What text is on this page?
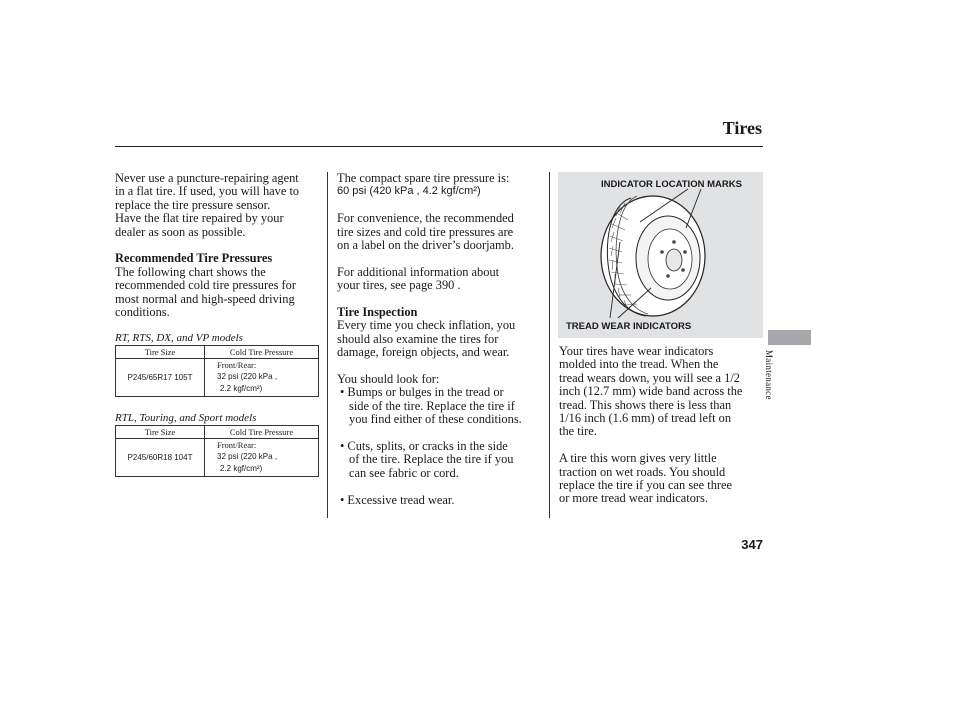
Tires

Never use a puncture-repairing agent

in a flat tire. If used, you will have to

replace the tire pressure sensor.

Have the flat tire repaired by your

dealer as soon as possible.

Recommended Tire Pressures

The following chart shows the

recommended cold tire pressures for

most normal and high-speed driving

conditions.

RT, RTS, DX, and VP models
Tire Size	Cold Tire Pressure
P245/65R17 105T	Front/Rear:
32 psi (220 kPa ,
2.2 kgf/cm²)
RTL, Touring, and Sport models
Tire Size	Cold Tire Pressure
P245/60R18 104T	Front/Rear:
32 psi (220 kPa ,
2.2 kgf/cm²)

The compact spare tire pressure is:

60 psi (420 kPa , 4.2 kgf/cm²)

For convenience, the recommended

tire sizes and cold tire pressures are

on a label on the driver’s doorjamb.

For additional information about

your tires, see page 390 .

Tire Inspection

Every time you check inflation, you

should also examine the tires for

damage, foreign objects, and wear.

You should look for:

• Bumps or bulges in the tread or

side of the tire. Replace the tire if

you find either of these conditions.

• Cuts, splits, or cracks in the side

of the tire. Replace the tire if you

can see fabric or cord.

• Excessive tread wear.

INDICATOR LOCATION MARKS
TREAD WEAR INDICATORS

Your tires have wear indicators

molded into the tread. When the

tread wears down, you will see a 1/2

inch (12.7 mm) wide band across the

tread. This shows there is less than

1/16 inch (1.6 mm) of tread left on

the tire.

A tire this worn gives very little

traction on wet roads. You should

replace the tire if you can see three

or more tread wear indicators.

Maintenance
347
